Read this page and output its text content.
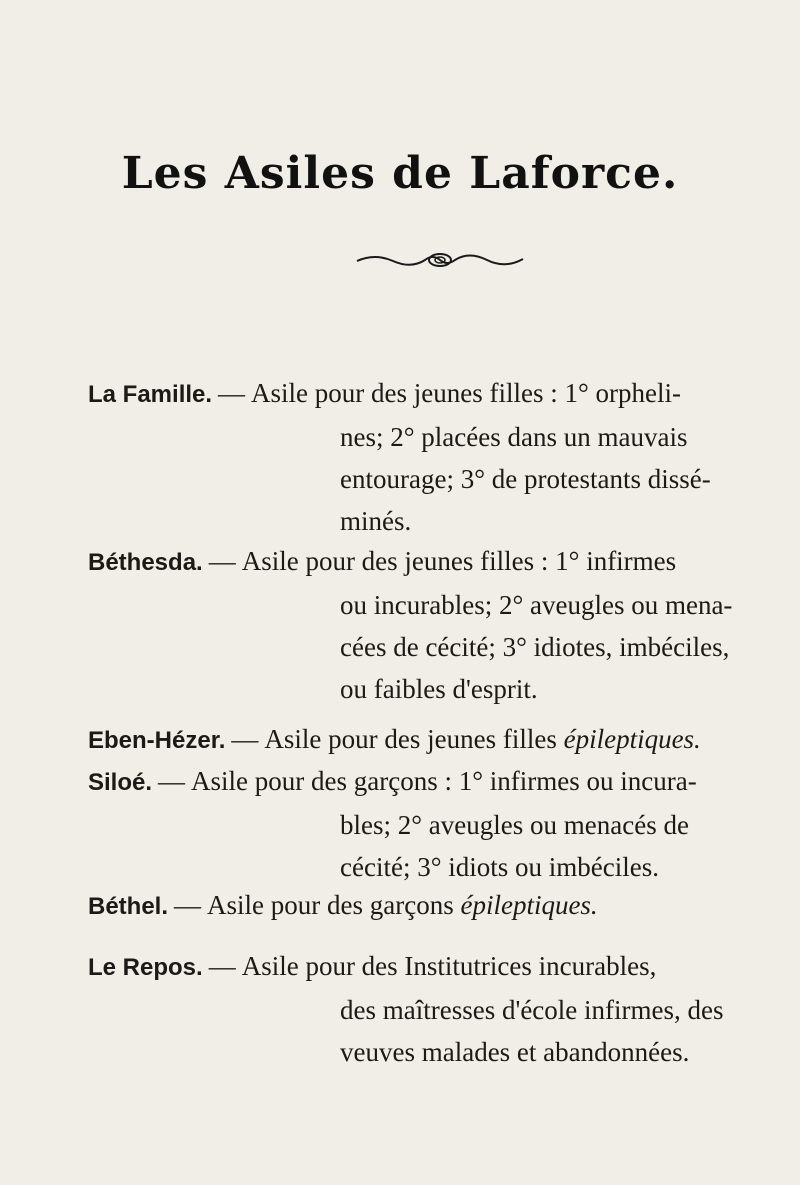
Les Asiles de Laforce.
La Famille. — Asile pour des jeunes filles : 1° orpheli-
nes; 2° placées dans un mauvais
entourage; 3° de protestants dissé-
minés.
Béthesda. — Asile pour des jeunes filles : 1° infirmes
ou incurables; 2° aveugles ou mena-
cées de cécité; 3° idiotes, imbéciles,
ou faibles d'esprit.
Eben-Hézer. — Asile pour des jeunes filles épileptiques.
Siloé. — Asile pour des garçons : 1° infirmes ou incura-
bles; 2° aveugles ou menacés de
cécité; 3° idiots ou imbéciles.
Béthel. — Asile pour des garçons épileptiques.
Le Repos. — Asile pour des Institutrices incurables,
des maîtresses d'école infirmes, des
veuves malades et abandonnées.
